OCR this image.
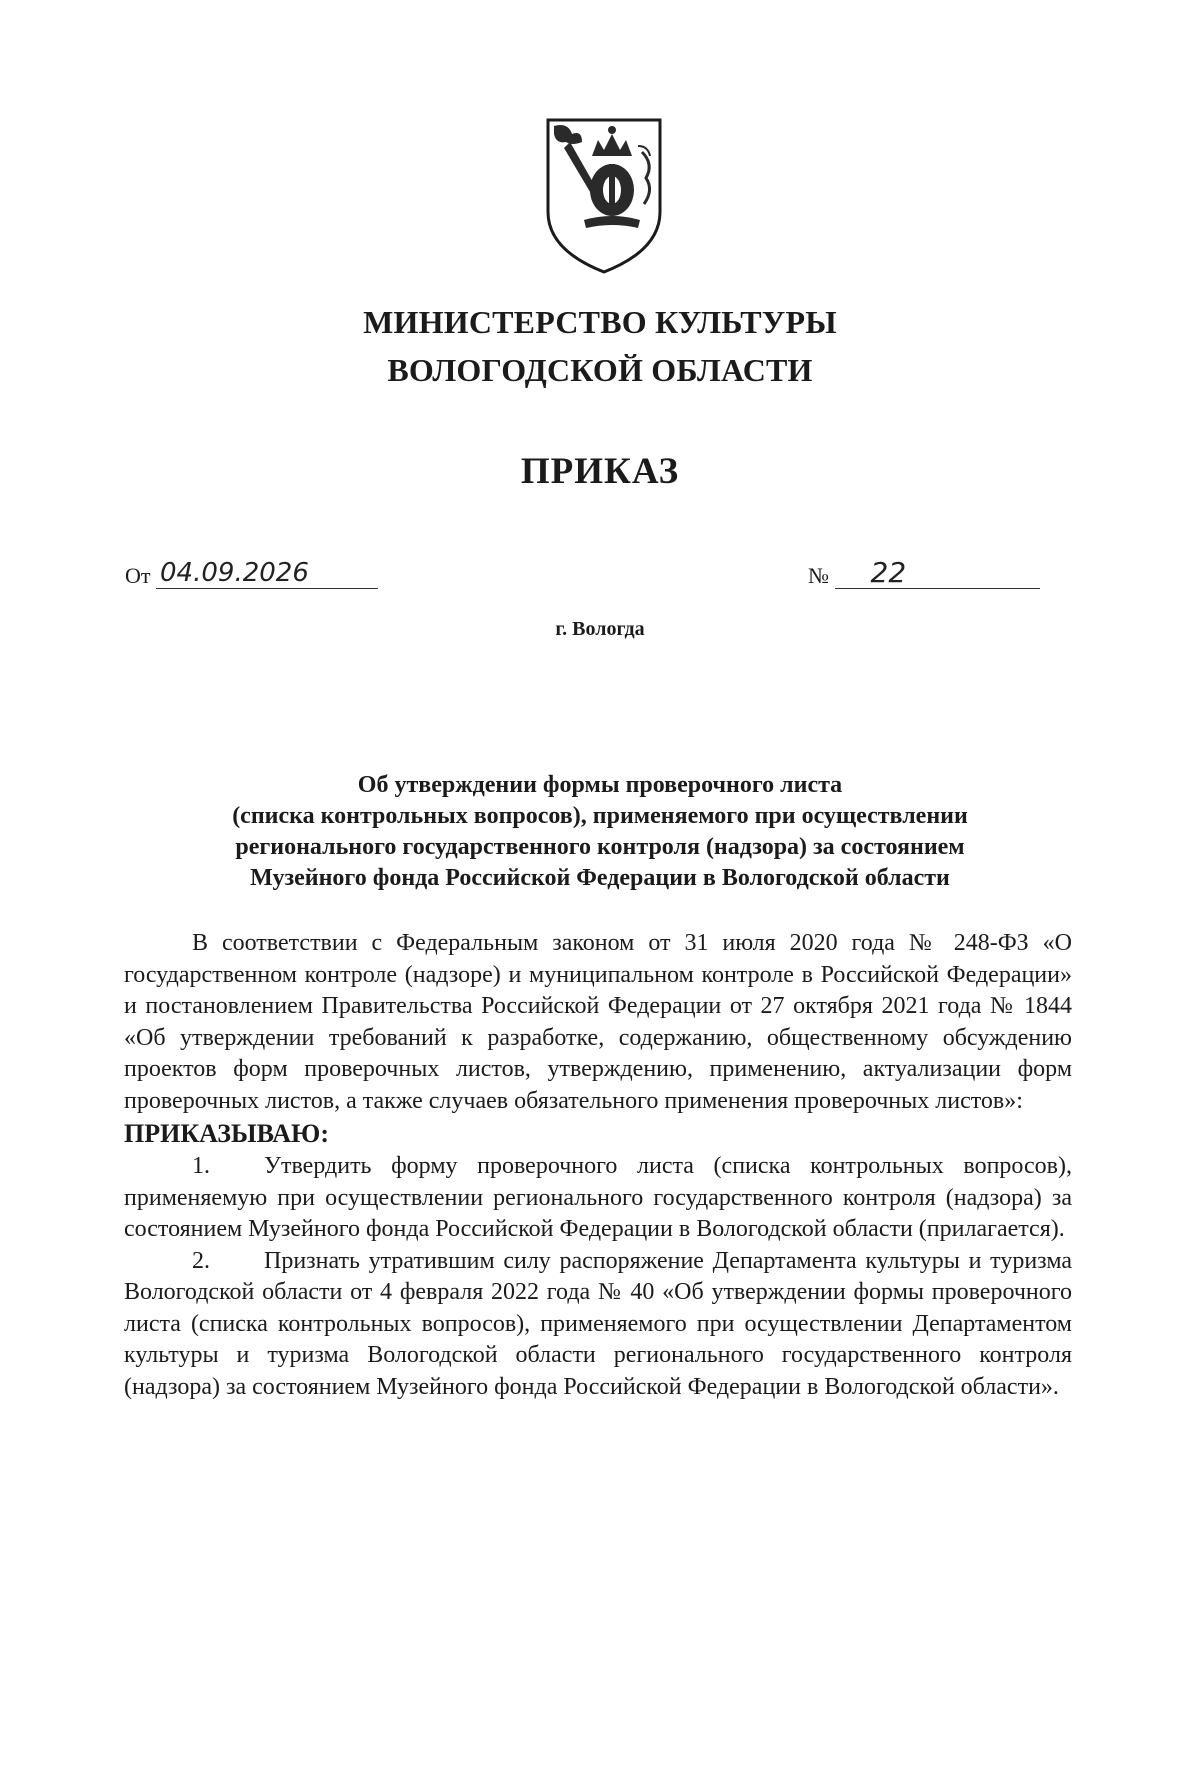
МИНИСТЕРСТВО КУЛЬТУРЫ
ВОЛОГОДСКОЙ ОБЛАСТИ
ПРИКАЗ
От 04.09.2026	№ 22
г. Вологда
Об утверждении формы проверочного листа
(списка контрольных вопросов), применяемого при осуществлении
регионального государственного контроля (надзора) за состоянием
Музейного фонда Российской Федерации в Вологодской области

В соответствии с Федеральным законом от 31 июля 2020 года № 248-ФЗ «О государственном контроле (надзоре) и муниципальном контроле в Российской Федерации» и постановлением Правительства Российской Федерации от 27 октября 2021 года № 1844 «Об утверждении требований к разработке, содержанию, общественному обсуждению проектов форм проверочных листов, утверждению, применению, актуализации форм проверочных листов, а также случаев обязательного применения проверочных листов»:

ПРИКАЗЫВАЮ:

1. Утвердить форму проверочного листа (списка контрольных вопросов), применяемую при осуществлении регионального государственного контроля (надзора) за состоянием Музейного фонда Российской Федерации в Вологодской области (прилагается).

2. Признать утратившим силу распоряжение Департамента культуры и туризма Вологодской области от 4 февраля 2022 года № 40 «Об утверждении формы проверочного листа (списка контрольных вопросов), применяемого при осуществлении Департаментом культуры и туризма Вологодской области регионального государственного контроля (надзора) за состоянием Музейного фонда Российской Федерации в Вологодской области».
